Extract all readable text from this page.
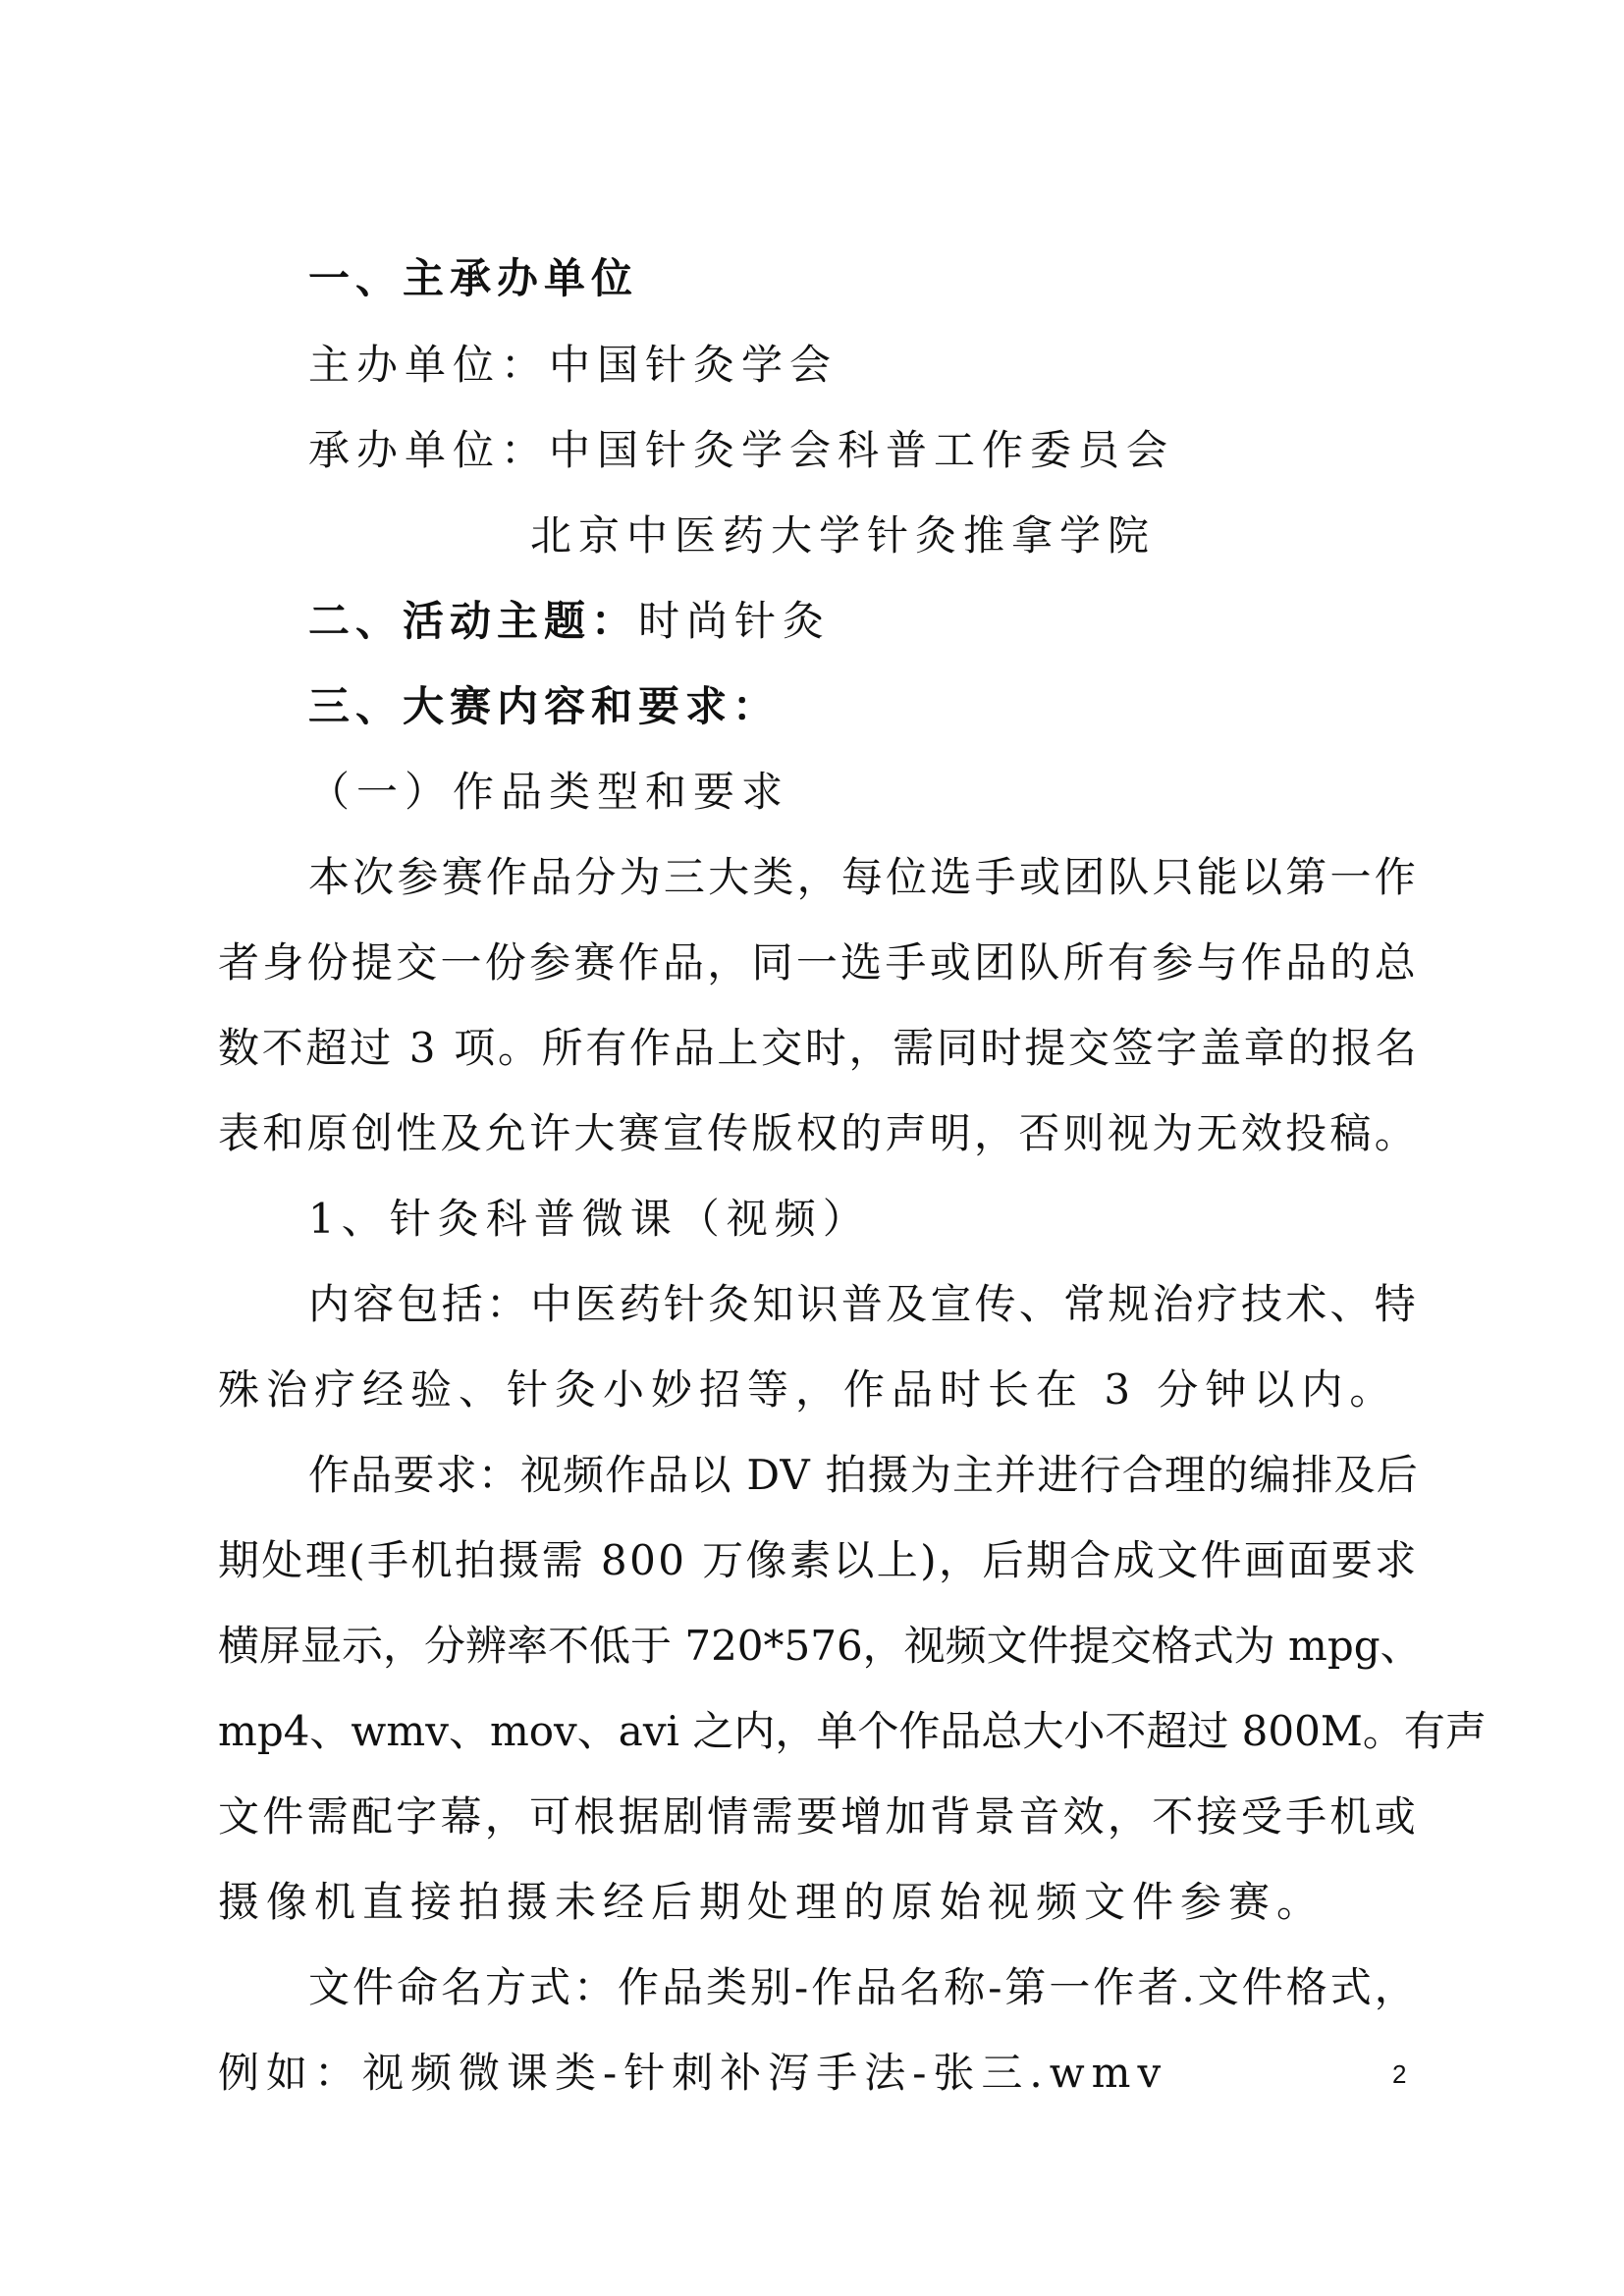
一、主承办单位
主办单位：中国针灸学会
承办单位：中国针灸学会科普工作委员会
北京中医药大学针灸推拿学院
二、活动主题：时尚针灸
三、大赛内容和要求：
（一）作品类型和要求
本次参赛作品分为三大类，每位选手或团队只能以第一作
者身份提交一份参赛作品，同一选手或团队所有参与作品的总
数不超过 3 项。所有作品上交时，需同时提交签字盖章的报名
表和原创性及允许大赛宣传版权的声明，否则视为无效投稿。
1、针灸科普微课（视频）
内容包括：中医药针灸知识普及宣传、常规治疗技术、特
殊治疗经验、针灸小妙招等，作品时长在 3 分钟以内。
作品要求：视频作品以 DV 拍摄为主并进行合理的编排及后
期处理(手机拍摄需 800 万像素以上)，后期合成文件画面要求
横屏显示，分辨率不低于 720*576，视频文件提交格式为 mpg、
mp4、wmv、mov、avi 之内，单个作品总大小不超过 800M。有声
文件需配字幕，可根据剧情需要增加背景音效，不接受手机或
摄像机直接拍摄未经后期处理的原始视频文件参赛。
文件命名方式：作品类别-作品名称-第一作者.文件格式，
例如：视频微课类-针刺补泻手法-张三.wmv	2
